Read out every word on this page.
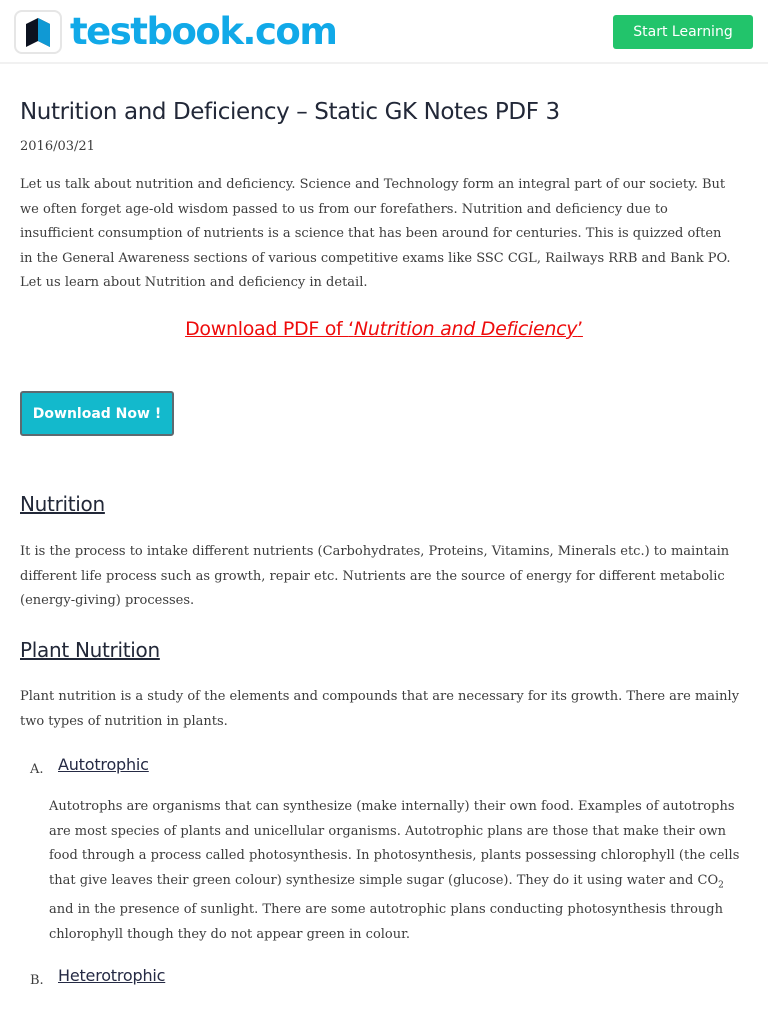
testbook.com	Start Learning
Nutrition and Deficiency – Static GK Notes PDF 3
2016/03/21

Let us talk about nutrition and deficiency. Science and Technology form an integral part of our society. But we often forget age-old wisdom passed to us from our forefathers. Nutrition and deficiency due to insufficient consumption of nutrients is a science that has been around for centuries. This is quizzed often in the General Awareness sections of various competitive exams like SSC CGL, Railways RRB and Bank PO. Let us learn about Nutrition and deficiency in detail.

Download PDF of ‘Nutrition and Deficiency’
Download Now !
Nutrition

It is the process to intake different nutrients (Carbohydrates, Proteins, Vitamins, Minerals etc.) to maintain different life process such as growth, repair etc. Nutrients are the source of energy for different metabolic (energy-giving) processes.

Plant Nutrition

Plant nutrition is a study of the elements and compounds that are necessary for its growth. There are mainly two types of nutrition in plants.

A. Autotrophic

Autotrophs are organisms that can synthesize (make internally) their own food. Examples of autotrophs are most species of plants and unicellular organisms. Autotrophic plans are those that make their own food through a process called photosynthesis. In photosynthesis, plants possessing chlorophyll (the cells that give leaves their green colour) synthesize simple sugar (glucose). They do it using water and $CO_2$ and in the presence of sunlight. There are some autotrophic plans conducting photosynthesis through chlorophyll though they do not appear green in colour.

B. Heterotrophic
